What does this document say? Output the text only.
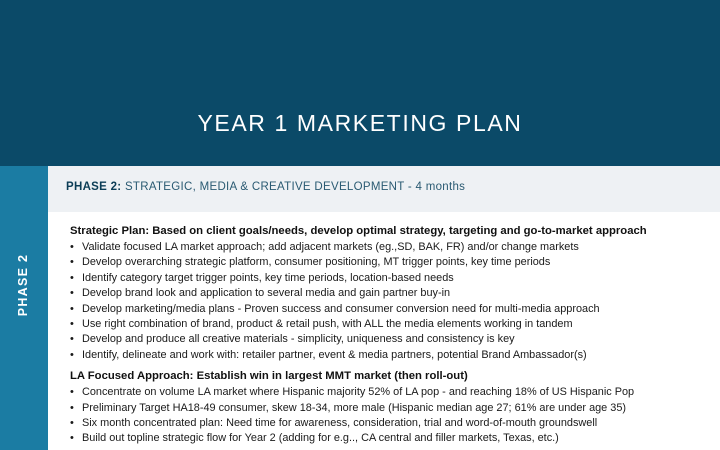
YEAR 1 MARKETING PLAN
PHASE 2
PHASE 2: STRATEGIC, MEDIA & CREATIVE DEVELOPMENT - 4 months
Strategic Plan: Based on client goals/needs, develop optimal strategy, targeting and go-to-market approach
• Validate focused LA market approach; add adjacent markets (eg.,SD, BAK, FR) and/or change markets
• Develop overarching strategic platform, consumer positioning, MT trigger points, key time periods
• Identify category target trigger points, key time periods, location-based needs
• Develop brand look and application to several media and gain partner buy-in
• Develop marketing/media plans - Proven success and consumer conversion need for multi-media approach
• Use right combination of brand, product & retail push, with ALL the media elements working in tandem
• Develop and produce all creative materials - simplicity, uniqueness and consistency is key
• Identify, delineate and work with: retailer partner, event & media partners, potential Brand Ambassador(s)
LA Focused Approach: Establish win in largest MMT market (then roll-out)
• Concentrate on volume LA market where Hispanic majority 52% of LA pop - and reaching 18% of US Hispanic Pop
• Preliminary Target HA18-49 consumer, skew 18-34, more male (Hispanic median age 27; 61% are under age 35)
• Six month concentrated plan: Need time for awareness, consideration, trial and word-of-mouth groundswell
• Build out topline strategic flow for Year 2 (adding for e.g.., CA central and filler markets, Texas, etc.)
